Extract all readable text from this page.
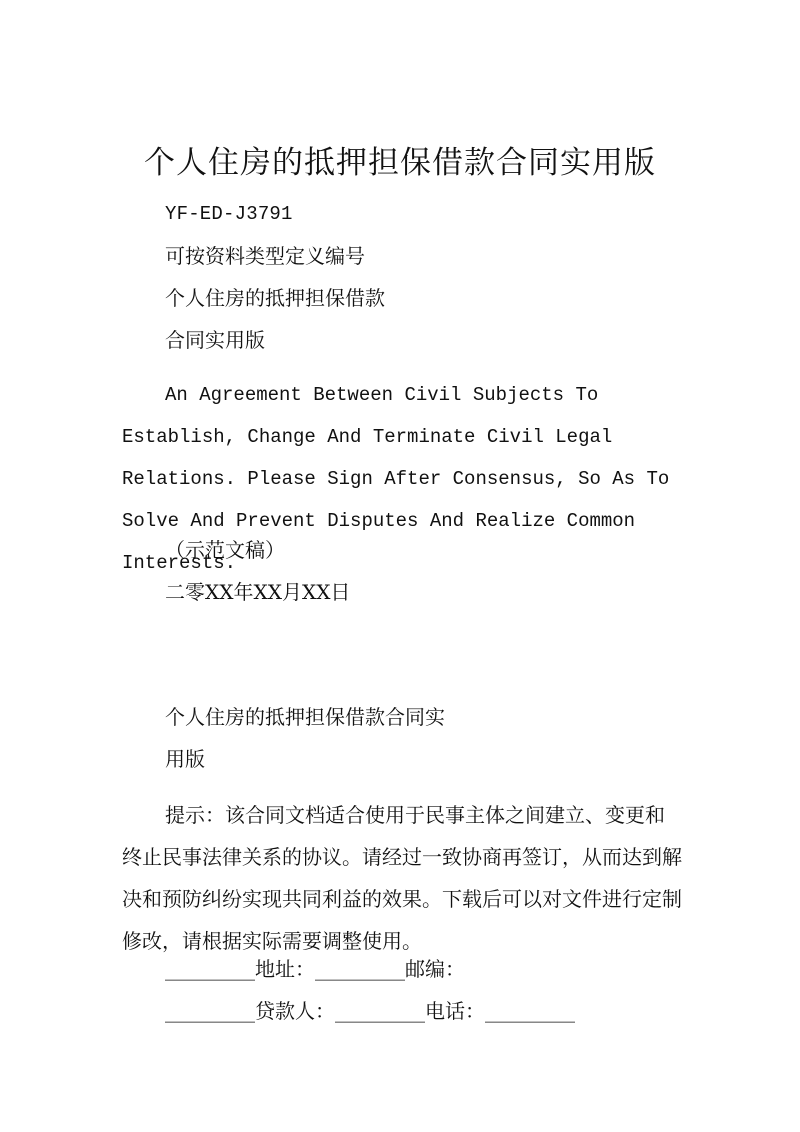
个人住房的抵押担保借款合同实用版
YF-ED-J3791
可按资料类型定义编号
个人住房的抵押担保借款
合同实用版

An Agreement Between Civil Subjects To Establish, Change And Terminate Civil Legal Relations. Please Sign After Consensus, So As To Solve And Prevent Disputes And Realize Common Interests.

（示范文稿）
二零XX年XX月XX日
个人住房的抵押担保借款合同实
用版

提示：该合同文档适合使用于民事主体之间建立、变更和终止民事法律关系的协议。请经过一致协商再签订，从而达到解决和预防纠纷实现共同利益的效果。下载后可以对文件进行定制修改，请根据实际需要调整使用。

_________地址：_________邮编：
_________贷款人：_________电话：_________
